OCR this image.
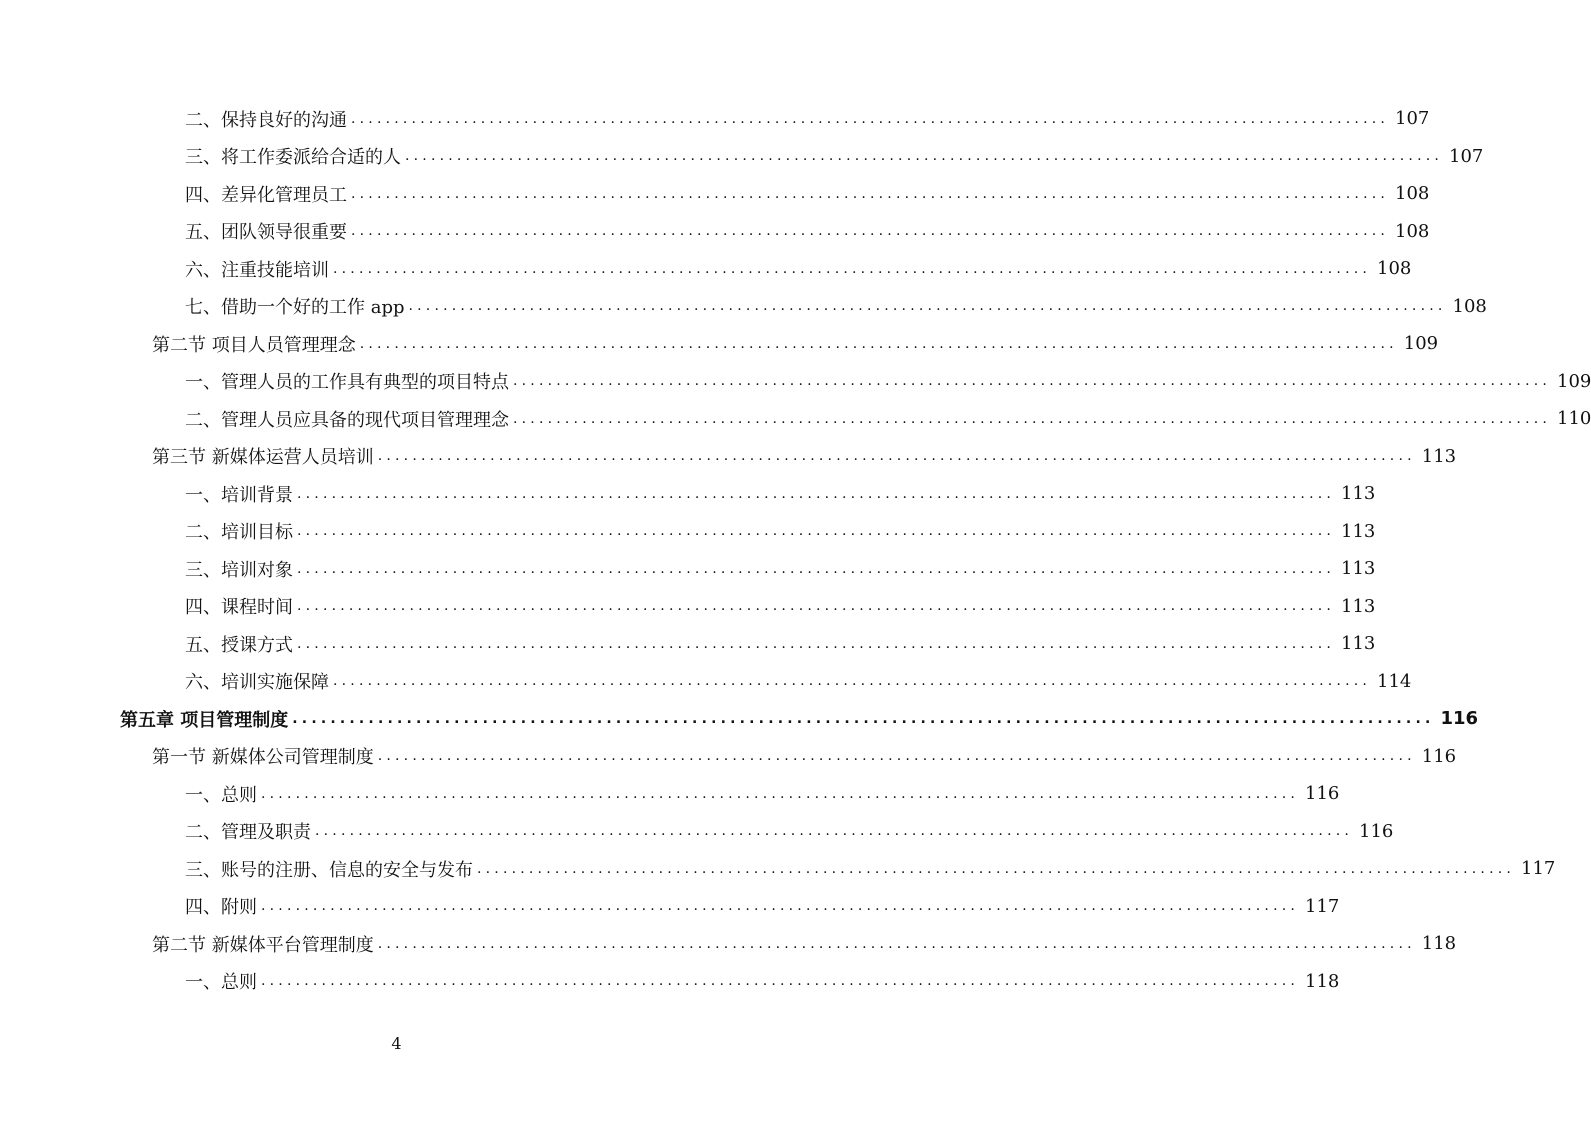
二、保持良好的沟通 ........................................................................................................................ 107
三、将工作委派给合适的人 ........................................................................................................................ 107
四、差异化管理员工 ........................................................................................................................ 108
五、团队领导很重要 ........................................................................................................................ 108
六、注重技能培训 ........................................................................................................................ 108
七、借助一个好的工作 app ........................................................................................................................ 108
第二节 项目人员管理理念 ........................................................................................................................ 109
一、管理人员的工作具有典型的项目特点 ........................................................................................................................ 109
二、管理人员应具备的现代项目管理理念 ........................................................................................................................ 110
第三节 新媒体运营人员培训 ........................................................................................................................ 113
一、培训背景 ........................................................................................................................ 113
二、培训目标 ........................................................................................................................ 113
三、培训对象 ........................................................................................................................ 113
四、课程时间 ........................................................................................................................ 113
五、授课方式 ........................................................................................................................ 113
六、培训实施保障 ........................................................................................................................ 114
第五章 项目管理制度 ........................................................................................................................ 116
第一节 新媒体公司管理制度 ........................................................................................................................ 116
一、总则 ........................................................................................................................ 116
二、管理及职责 ........................................................................................................................ 116
三、账号的注册、信息的安全与发布 ........................................................................................................................ 117
四、附则 ........................................................................................................................ 117
第二节 新媒体平台管理制度 ........................................................................................................................ 118
一、总则 ........................................................................................................................ 118
4
